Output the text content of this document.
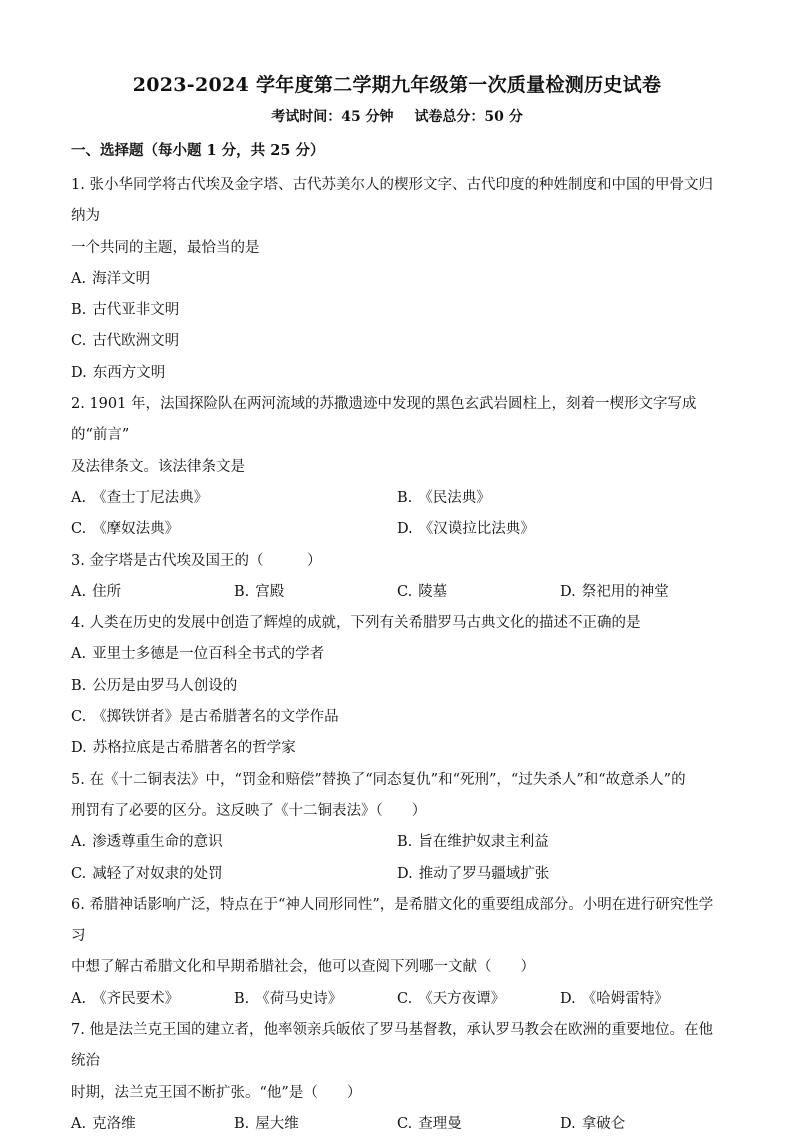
2023-2024 学年度第二学期九年级第一次质量检测历史试卷
考试时间：45 分钟 试卷总分：50 分
一、选择题（每小题 1 分，共 25 分）
1. 张小华同学将古代埃及金字塔、古代苏美尔人的楔形文字、古代印度的种姓制度和中国的甲骨文归纳为
一个共同的主题，最恰当的是
A. 海洋文明
B. 古代亚非文明
C. 古代欧洲文明
D. 东西方文明
2. 1901 年，法国探险队在两河流域的苏撒遗迹中发现的黑色玄武岩圆柱上，刻着一楔形文字写成的“前言”
及法律条文。该法律条文是
A. 《查士丁尼法典》	B. 《民法典》
C. 《摩奴法典》	D. 《汉谟拉比法典》
3. 金字塔是古代埃及国王的（　　　）
A. 住所	B. 宫殿	C. 陵墓	D. 祭祀用的神堂
4. 人类在历史的发展中创造了辉煌的成就，下列有关希腊罗马古典文化的描述不正确的是
A. 亚里士多德是一位百科全书式的学者
B. 公历是由罗马人创设的
C. 《掷铁饼者》是古希腊著名的文学作品
D. 苏格拉底是古希腊著名的哲学家
5. 在《十二铜表法》中，“罚金和赔偿”替换了“同态复仇”和“死刑”，“过失杀人”和“故意杀人”的
刑罚有了必要的区分。这反映了《十二铜表法》（　　）
A. 渗透尊重生命的意识	B. 旨在维护奴隶主利益
C. 减轻了对奴隶的处罚	D. 推动了罗马疆域扩张
6. 希腊神话影响广泛，特点在于“神人同形同性”，是希腊文化的重要组成部分。小明在进行研究性学习
中想了解古希腊文化和早期希腊社会，他可以查阅下列哪一文献（　　）
A. 《齐民要术》	B. 《荷马史诗》	C. 《天方夜谭》	D. 《哈姆雷特》
7. 他是法兰克王国的建立者，他率领亲兵皈依了罗马基督教，承认罗马教会在欧洲的重要地位。在他统治
时期，法兰克王国不断扩张。“他”是（　　）
A. 克洛维	B. 屋大维	C. 查理曼	D. 拿破仑
